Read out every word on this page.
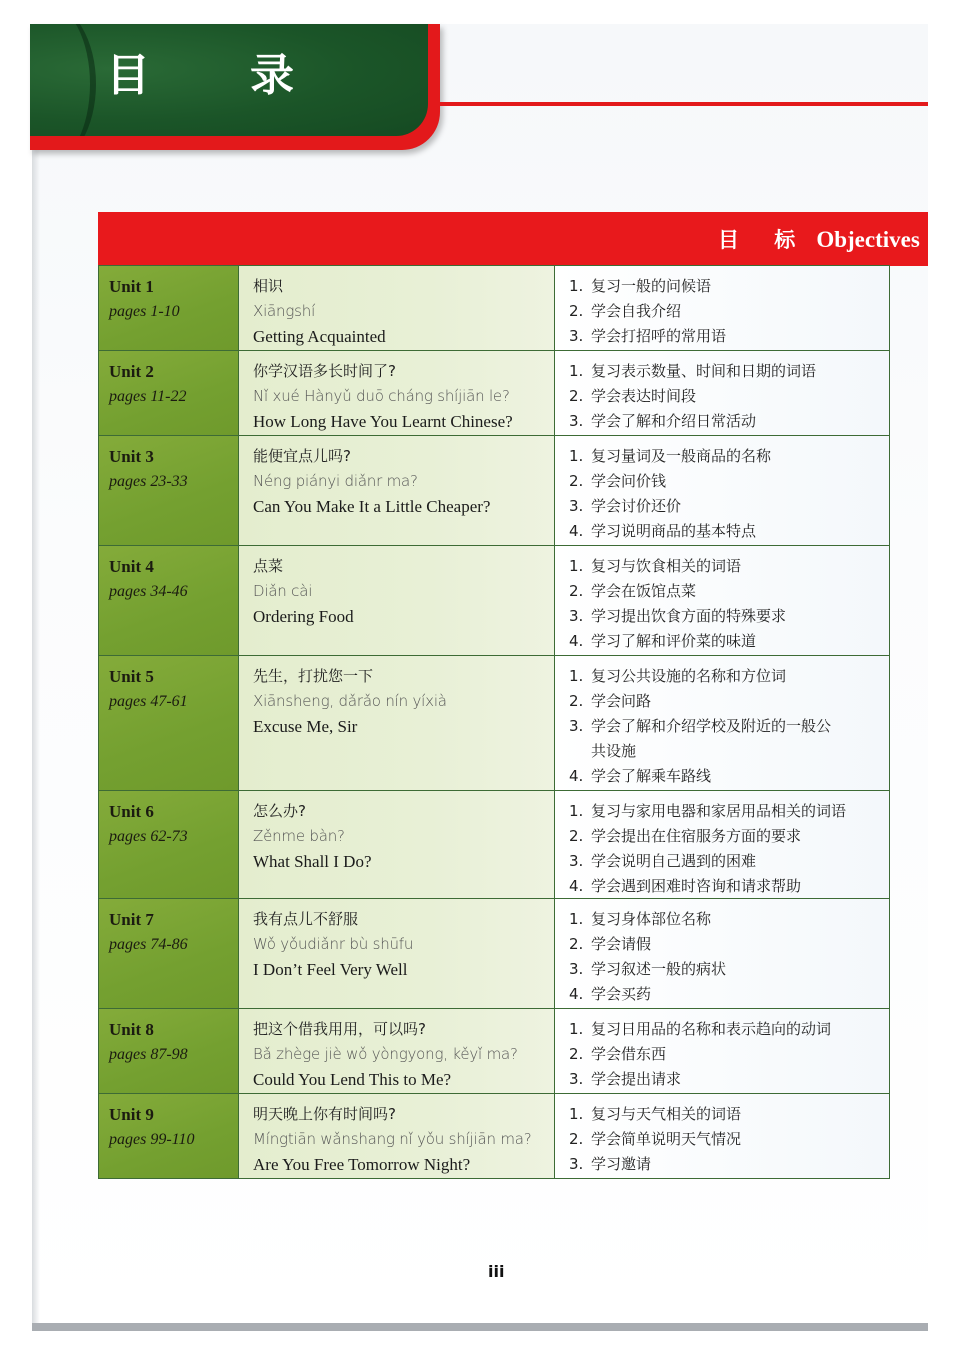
目 录
目 标 Objectives
Unit 1
pages 1-10
相识
Xiāngshí
Getting Acquainted
1. 复习一般的问候语
2. 学会自我介绍
3. 学会打招呼的常用语
Unit 2
pages 11-22
你学汉语多长时间了?
Nǐ xué Hànyǔ duō cháng shíjiān le?
How Long Have You Learnt Chinese?
1. 复习表示数量、时间和日期的词语
2. 学会表达时间段
3. 学会了解和介绍日常活动
Unit 3
pages 23-33
能便宜点儿吗?
Néng piányi diǎnr ma?
Can You Make It a Little Cheaper?
1. 复习量词及一般商品的名称
2. 学会问价钱
3. 学会讨价还价
4. 学习说明商品的基本特点
Unit 4
pages 34-46
点菜
Diǎn cài
Ordering Food
1. 复习与饮食相关的词语
2. 学会在饭馆点菜
3. 学习提出饮食方面的特殊要求
4. 学习了解和评价菜的味道
Unit 5
pages 47-61
先生，打扰您一下
Xiānsheng, dǎrǎo nín yíxià
Excuse Me, Sir
1. 复习公共设施的名称和方位词
2. 学会问路
3. 学会了解和介绍学校及附近的一般公
共设施
4. 学会了解乘车路线
Unit 6
pages 62-73
怎么办?
Zěnme bàn?
What Shall I Do?
1. 复习与家用电器和家居用品相关的词语
2. 学会提出在住宿服务方面的要求
3. 学会说明自己遇到的困难
4. 学会遇到困难时咨询和请求帮助
Unit 7
pages 74-86
我有点儿不舒服
Wǒ yǒudiǎnr bù shūfu
I Don’t Feel Very Well
1. 复习身体部位名称
2. 学会请假
3. 学习叙述一般的病状
4. 学会买药
Unit 8
pages 87-98
把这个借我用用，可以吗?
Bǎ zhège jiè wǒ yòngyong, kěyǐ ma?
Could You Lend This to Me?
1. 复习日用品的名称和表示趋向的动词
2. 学会借东西
3. 学会提出请求
Unit 9
pages 99-110
明天晚上你有时间吗?
Míngtiān wǎnshang nǐ yǒu shíjiān ma?
Are You Free Tomorrow Night?
1. 复习与天气相关的词语
2. 学会简单说明天气情况
3. 学习邀请
iii
